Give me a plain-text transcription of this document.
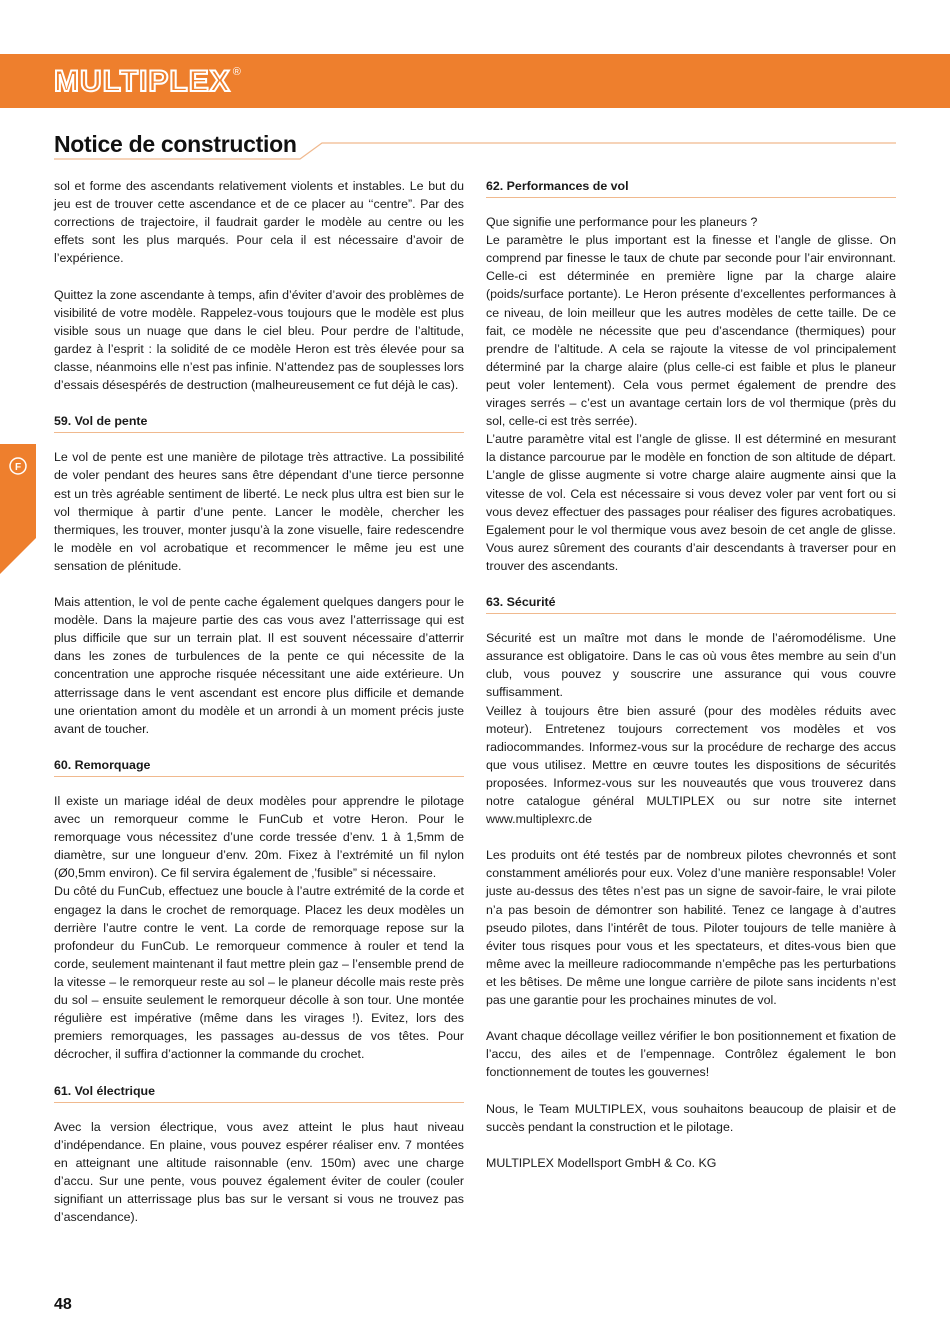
MULTIPLEX ®
Notice de construction
F

sol et forme des ascendants relativement violents et instables. Le but du jeu est de trouver cette ascendance et de ce placer au ‘‘centre”. Par des corrections de trajectoire, il faudrait garder le modèle au centre ou les effets sont les plus marqués. Pour cela il est nécessaire d’avoir de l’expérience.

Quittez la zone ascendante à temps, afin d’éviter d’avoir des problèmes de visibilité de votre modèle. Rappelez-vous toujours que le modèle est plus visible sous un nuage que dans le ciel bleu. Pour perdre de l’altitude, gardez à l’esprit : la solidité de ce modèle Heron est très élevée pour sa classe, néanmoins elle n’est pas infinie. N’attendez pas de souplesses lors d’essais désespérés de destruction (malheureusement ce fut déjà le cas).

59. Vol de pente

Le vol de pente est une manière de pilotage très attractive. La possibilité de voler pendant des heures sans être dépendant d’une tierce personne est un très agréable sentiment de liberté. Le neck plus ultra est bien sur le vol thermique à partir d’une pente. Lancer le modèle, chercher les thermiques, les trouver, monter jusqu’à la zone visuelle, faire redescendre le modèle en vol acrobatique et recommencer le même jeu est une sensation de plénitude.

Mais attention, le vol de pente cache également quelques dangers pour le modèle. Dans la majeure partie des cas vous avez l’atterrissage qui est plus difficile que sur un terrain plat. Il est souvent nécessaire d’atterrir dans les zones de turbulences de la pente ce qui nécessite de la concentration une approche risquée nécessitant une aide extérieure. Un atterrissage dans le vent ascendant est encore plus difficile et demande une orientation amont du modèle et un arrondi à un moment précis juste avant de toucher.

60. Remorquage

Il existe un mariage idéal de deux modèles pour apprendre le pilotage avec un remorqueur comme le FunCub et votre Heron. Pour le remorquage vous nécessitez d’une corde tressée d’env. 1 à 1,5mm de diamètre, sur une longueur d’env. 20m. Fixez à l’extrémité un fil nylon (Ø0,5mm environ). Ce fil servira également de ‚’fusible” si nécessaire.

Du côté du FunCub, effectuez une boucle à l’autre extrémité de la corde et engagez la dans le crochet de remorquage. Placez les deux modèles un derrière l’autre contre le vent. La corde de remorquage repose sur la profondeur du FunCub. Le remorqueur commence à rouler et tend la corde, seulement maintenant il faut mettre plein gaz – l’ensemble prend de la vitesse – le remorqueur reste au sol – le planeur décolle mais reste près du sol – ensuite seulement le remorqueur décolle à son tour. Une montée régulière est impérative (même dans les virages !). Evitez, lors des premiers remorquages, les passages au-dessus de vos têtes. Pour décrocher, il suffira d’actionner la commande du crochet.

61. Vol électrique

Avec la version électrique, vous avez atteint le plus haut niveau d’indépendance. En plaine, vous pouvez espérer réaliser env. 7 montées en atteignant une altitude raisonnable (env. 150m) avec une charge d’accu. Sur une pente, vous pouvez également éviter de couler (couler signifiant un atterrissage plus bas sur le versant si vous ne trouvez pas d’ascendance).

62. Performances de vol

Que signifie une performance pour les planeurs ?

Le paramètre le plus important est la finesse et l’angle de glisse. On comprend par finesse le taux de chute par seconde pour l’air environnant. Celle-ci est déterminée en première ligne par la charge alaire (poids/surface portante). Le Heron présente d’excellentes performances à ce niveau, de loin meilleur que les autres modèles de cette taille. De ce fait, ce modèle ne nécessite que peu d’ascendance (thermiques) pour prendre de l’altitude. A cela se rajoute la vitesse de vol principalement déterminé par la charge alaire (plus celle-ci est faible et plus le planeur peut voler lentement). Cela vous permet également de prendre des virages serrés – c’est un avantage certain lors de vol thermique (près du sol, celle-ci est très serrée).

L’autre paramètre vital est l’angle de glisse. Il est déterminé en mesurant la distance parcourue par le modèle en fonction de son altitude de départ. L’angle de glisse augmente si votre charge alaire augmente ainsi que la vitesse de vol. Cela est nécessaire si vous devez voler par vent fort ou si vous devez effectuer des passages pour réaliser des figures acrobatiques. Egalement pour le vol thermique vous avez besoin de cet angle de glisse. Vous aurez sûrement des courants d’air descendants à traverser pour en trouver des ascendants.

63. Sécurité

Sécurité est un maître mot dans le monde de l’aéromodélisme. Une assurance est obligatoire. Dans le cas où vous êtes membre au sein d’un club, vous pouvez y souscrire une assurance qui vous couvre suffisamment.

Veillez à toujours être bien assuré (pour des modèles réduits avec moteur). Entretenez toujours correctement vos modèles et vos radiocommandes. Informez-vous sur la procédure de recharge des accus que vous utilisez. Mettre en œuvre toutes les dispositions de sécurités proposées. Informez-vous sur les nouveautés que vous trouverez dans notre catalogue général MULTIPLEX ou sur notre site internet www.multiplexrc.de

Les produits ont été testés par de nombreux pilotes chevronnés et sont constamment améliorés pour eux. Volez d’une manière responsable! Voler juste au-dessus des têtes n’est pas un signe de savoir-faire, le vrai pilote n’a pas besoin de démontrer son habilité. Tenez ce langage à d’autres pseudo pilotes, dans l’intérêt de tous. Piloter toujours de telle manière à éviter tous risques pour vous et les spectateurs, et dites-vous bien que même avec la meilleure radiocommande n’empêche pas les perturbations et les bêtises. De même une longue carrière de pilote sans incidents n’est pas une garantie pour les prochaines minutes de vol.

Avant chaque décollage veillez vérifier le bon positionnement et fixation de l’accu, des ailes et de l’empennage. Contrôlez également le bon fonctionnement de toutes les gouvernes!

Nous, le Team MULTIPLEX, vous souhaitons beaucoup de plaisir et de succès pendant la construction et le pilotage.

MULTIPLEX Modellsport GmbH & Co. KG

48
